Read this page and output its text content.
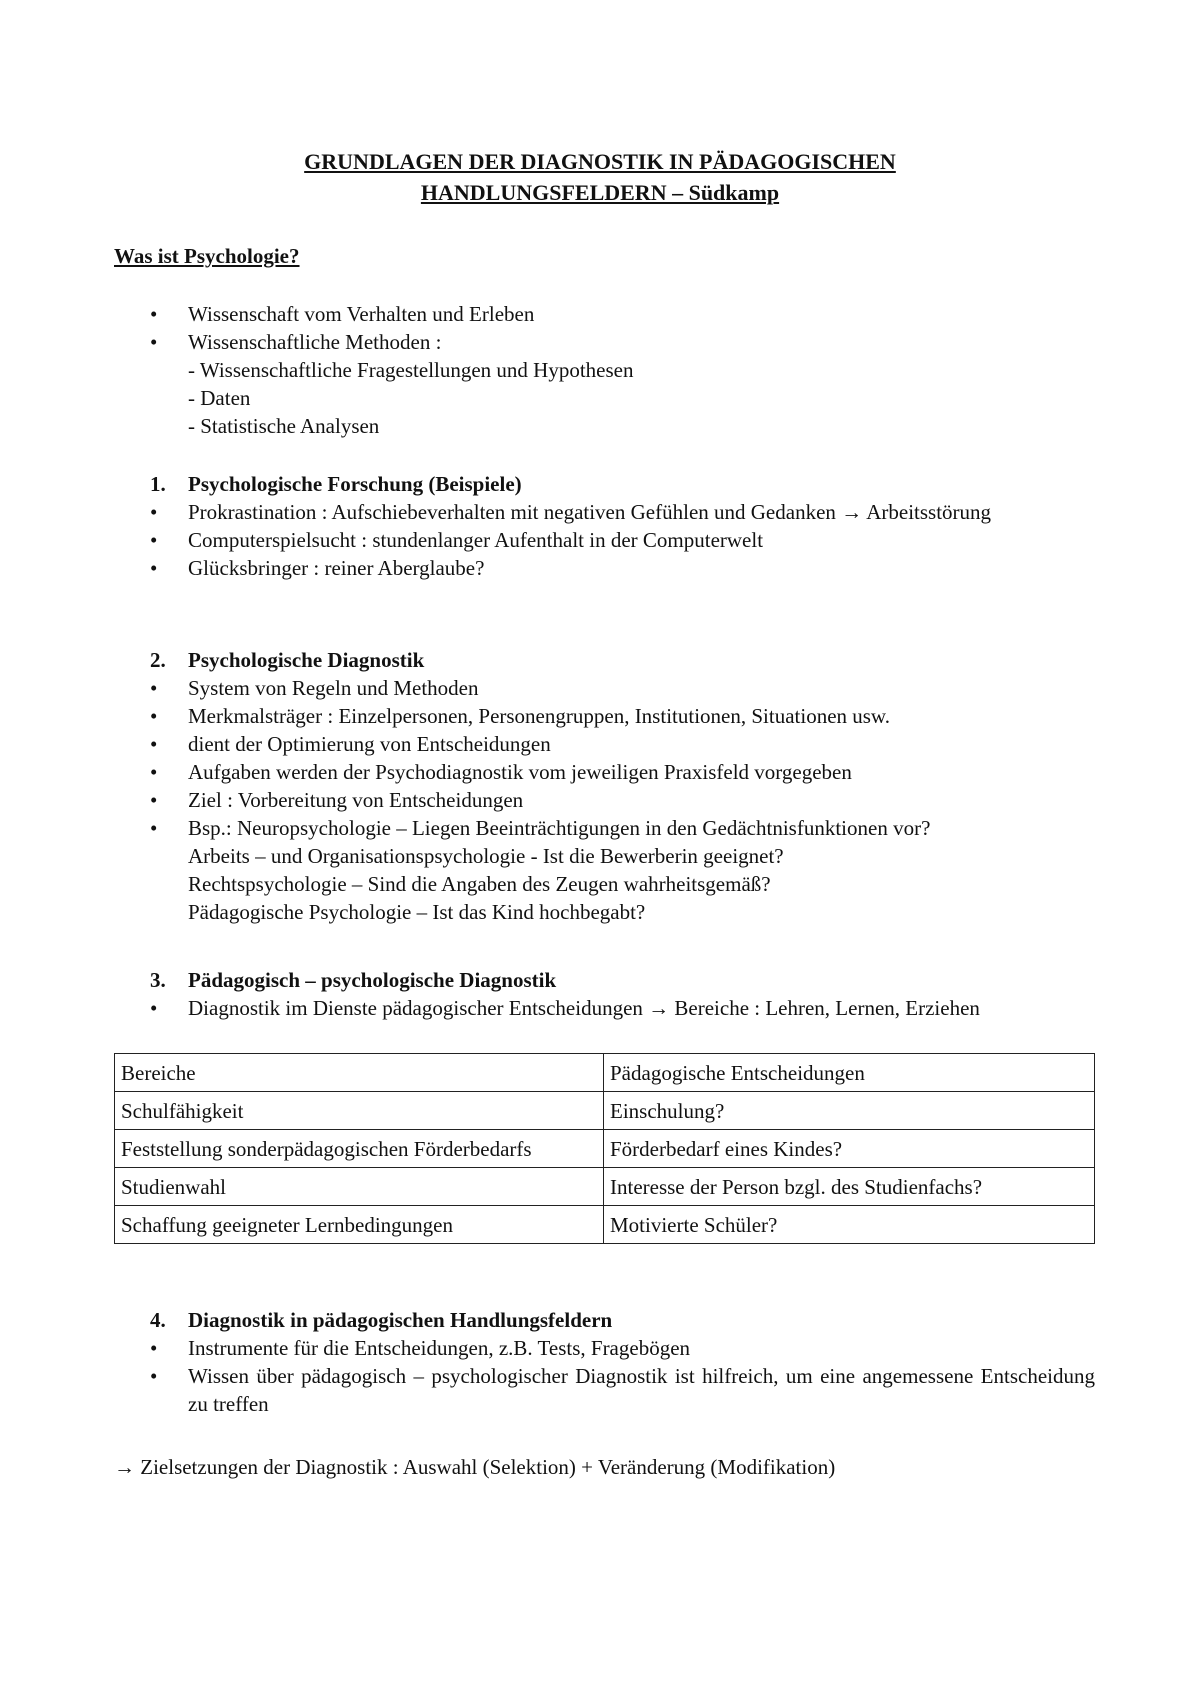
GRUNDLAGEN DER DIAGNOSTIK IN PÄDAGOGISCHEN
HANDLUNGSFELDERN – Südkamp
Was ist Psychologie?
• Wissenschaft vom Verhalten und Erleben
• Wissenschaftliche Methoden :
- Wissenschaftliche Fragestellungen und Hypothesen
- Daten
- Statistische Analysen
1. Psychologische Forschung (Beispiele)
• Prokrastination : Aufschiebeverhalten mit negativen Gefühlen und Gedanken → Arbeitsstörung
• Computerspielsucht : stundenlanger Aufenthalt in der Computerwelt
• Glücksbringer : reiner Aberglaube?
2. Psychologische Diagnostik
• System von Regeln und Methoden
• Merkmalsträger : Einzelpersonen, Personengruppen, Institutionen, Situationen usw.
• dient der Optimierung von Entscheidungen
• Aufgaben werden der Psychodiagnostik vom jeweiligen Praxisfeld vorgegeben
• Ziel : Vorbereitung von Entscheidungen
• Bsp.: Neuropsychologie – Liegen Beeinträchtigungen in den Gedächtnisfunktionen vor?
Arbeits – und Organisationspsychologie - Ist die Bewerberin geeignet?
Rechtspsychologie – Sind die Angaben des Zeugen wahrheitsgemäß?
Pädagogische Psychologie – Ist das Kind hochbegabt?
3. Pädagogisch – psychologische Diagnostik
• Diagnostik im Dienste pädagogischer Entscheidungen → Bereiche : Lehren, Lernen, Erziehen
Bereiche	Pädagogische Entscheidungen
Schulfähigkeit	Einschulung?
Feststellung sonderpädagogischen Förderbedarfs	Förderbedarf eines Kindes?
Studienwahl	Interesse der Person bzgl. des Studienfachs?
Schaffung geeigneter Lernbedingungen	Motivierte Schüler?
4. Diagnostik in pädagogischen Handlungsfeldern
• Instrumente für die Entscheidungen, z.B. Tests, Fragebögen
• Wissen über pädagogisch – psychologischer Diagnostik ist hilfreich, um eine angemessene Entscheidung zu treffen
→ Zielsetzungen der Diagnostik : Auswahl (Selektion) + Veränderung (Modifikation)
